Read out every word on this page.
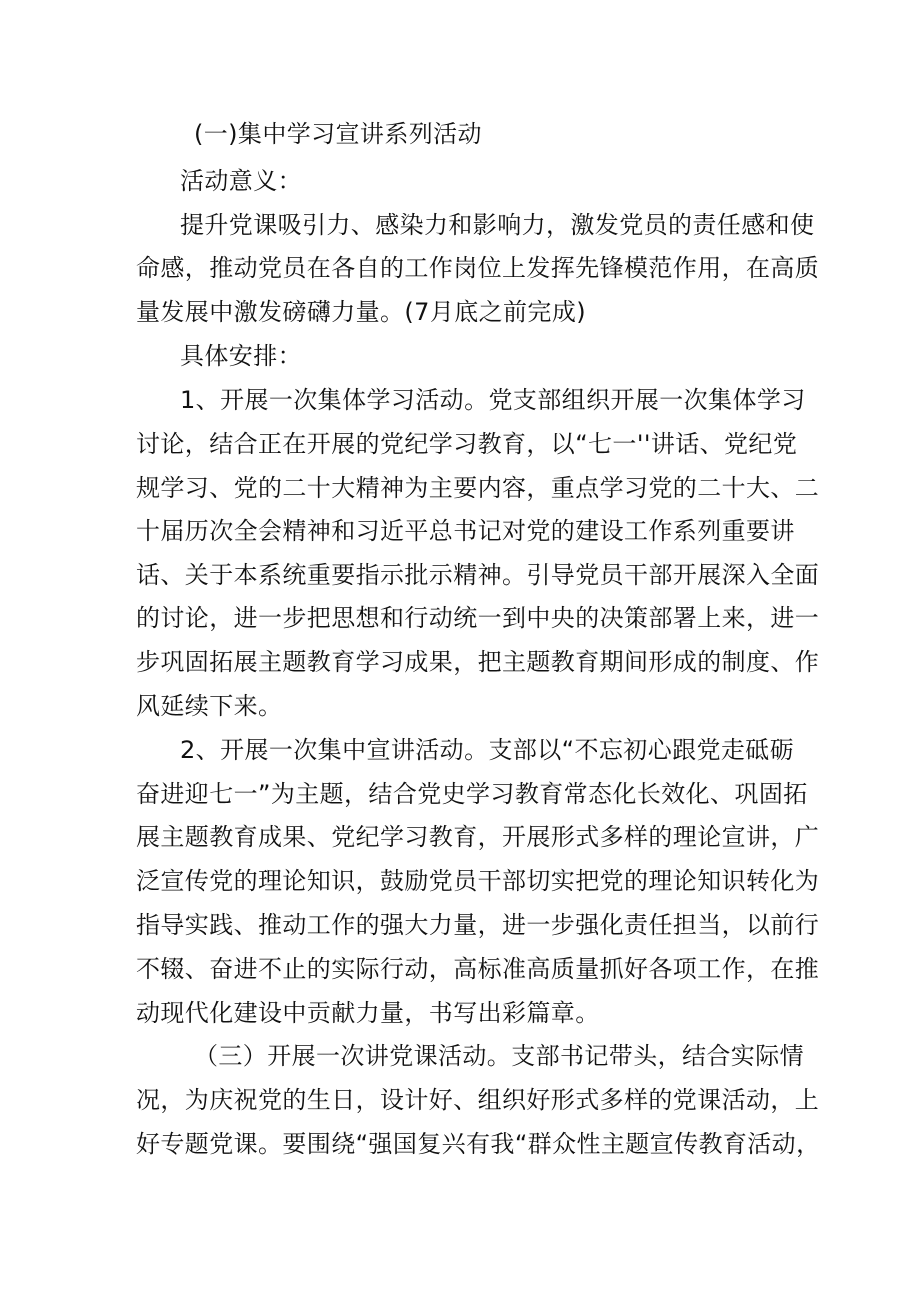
(一)集中学习宣讲系列活动
活动意义：
提升党课吸引力、感染力和影响力，激发党员的责任感和使
命感，推动党员在各自的工作岗位上发挥先锋模范作用，在高质
量发展中激发磅礴力量。(7月底之前完成)
具体安排：
1、开展一次集体学习活动。党支部组织开展一次集体学习
讨论，结合正在开展的党纪学习教育，以“七一''讲话、党纪党
规学习、党的二十大精神为主要内容，重点学习党的二十大、二
十届历次全会精神和习近平总书记对党的建设工作系列重要讲
话、关于本系统重要指示批示精神。引导党员干部开展深入全面
的讨论，进一步把思想和行动统一到中央的决策部署上来，进一
步巩固拓展主题教育学习成果，把主题教育期间形成的制度、作
风延续下来。
2、开展一次集中宣讲活动。支部以“不忘初心跟党走砥砺
奋进迎七一”为主题，结合党史学习教育常态化长效化、巩固拓
展主题教育成果、党纪学习教育，开展形式多样的理论宣讲，广
泛宣传党的理论知识，鼓励党员干部切实把党的理论知识转化为
指导实践、推动工作的强大力量，进一步强化责任担当，以前行
不辍、奋进不止的实际行动，高标准高质量抓好各项工作，在推
动现代化建设中贡献力量，书写出彩篇章。
（三）开展一次讲党课活动。支部书记带头，结合实际情
况，为庆祝党的生日，设计好、组织好形式多样的党课活动，上
好专题党课。要围绕“强国复兴有我“群众性主题宣传教育活动，
